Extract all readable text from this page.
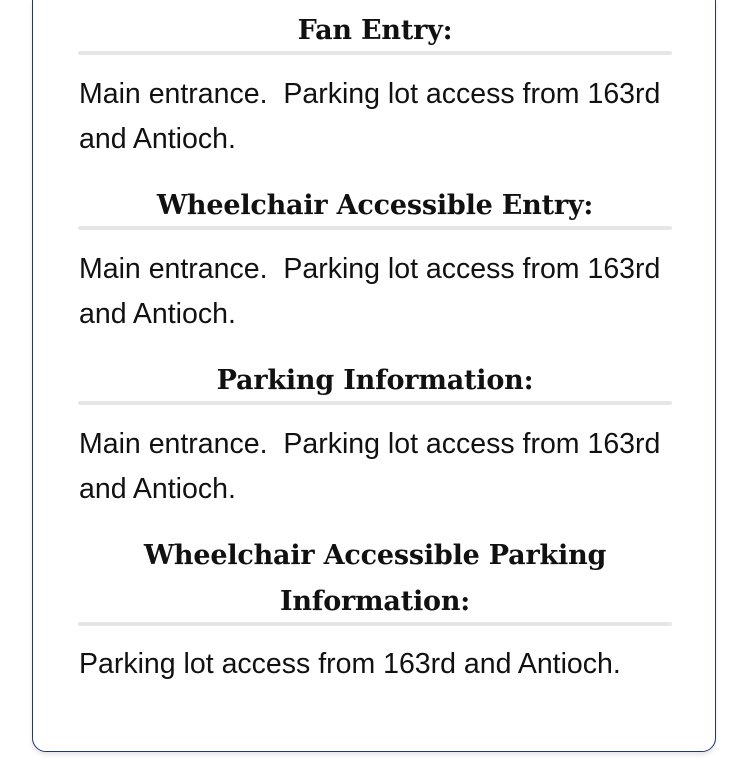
Fan Entry:
Main entrance.  Parking lot access from 163rd and Antioch.
Wheelchair Accessible Entry:
Main entrance.  Parking lot access from 163rd and Antioch.
Parking Information:
Main entrance.  Parking lot access from 163rd and Antioch.
Wheelchair Accessible Parking Information:
Parking lot access from 163rd and Antioch.
